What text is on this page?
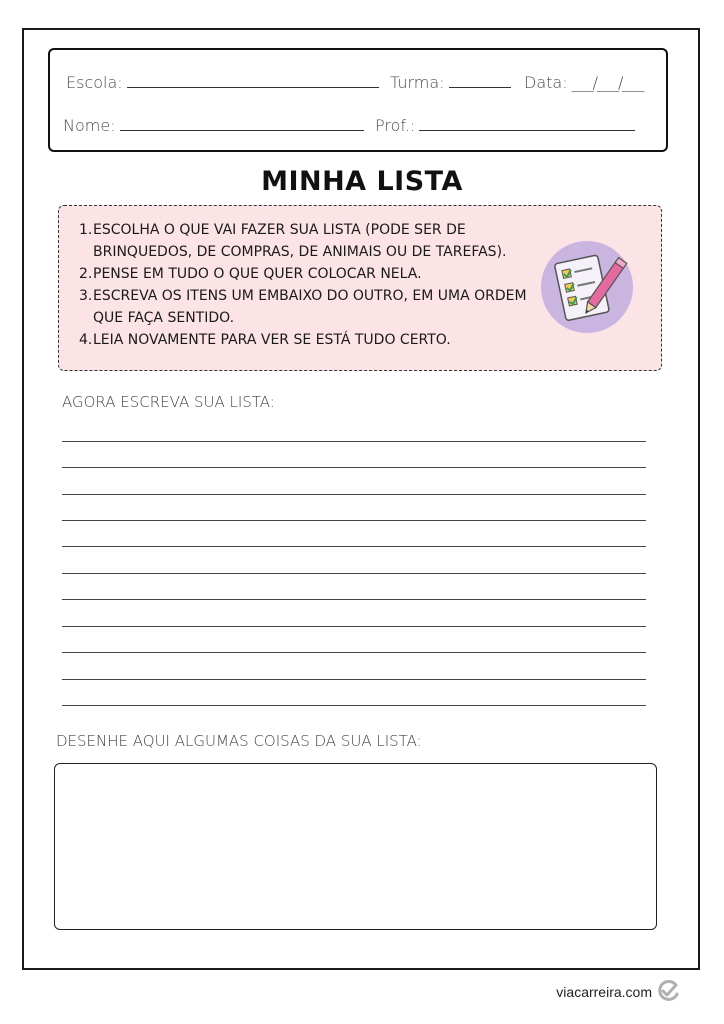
Escola:	Turma:	Data: ___/___/___
Nome:	Prof.:
MINHA LISTA
1. ESCOLHA O QUE VAI FAZER SUA LISTA (PODE SER DE BRINQUEDOS, DE COMPRAS, DE ANIMAIS OU DE TAREFAS).
2. PENSE EM TUDO O QUE QUER COLOCAR NELA.
3. ESCREVA OS ITENS UM EMBAIXO DO OUTRO, EM UMA ORDEM QUE FAÇA SENTIDO.
4. LEIA NOVAMENTE PARA VER SE ESTÁ TUDO CERTO.
AGORA ESCREVA SUA LISTA:
DESENHE AQUI ALGUMAS COISAS DA SUA LISTA:
viacarreira.com
